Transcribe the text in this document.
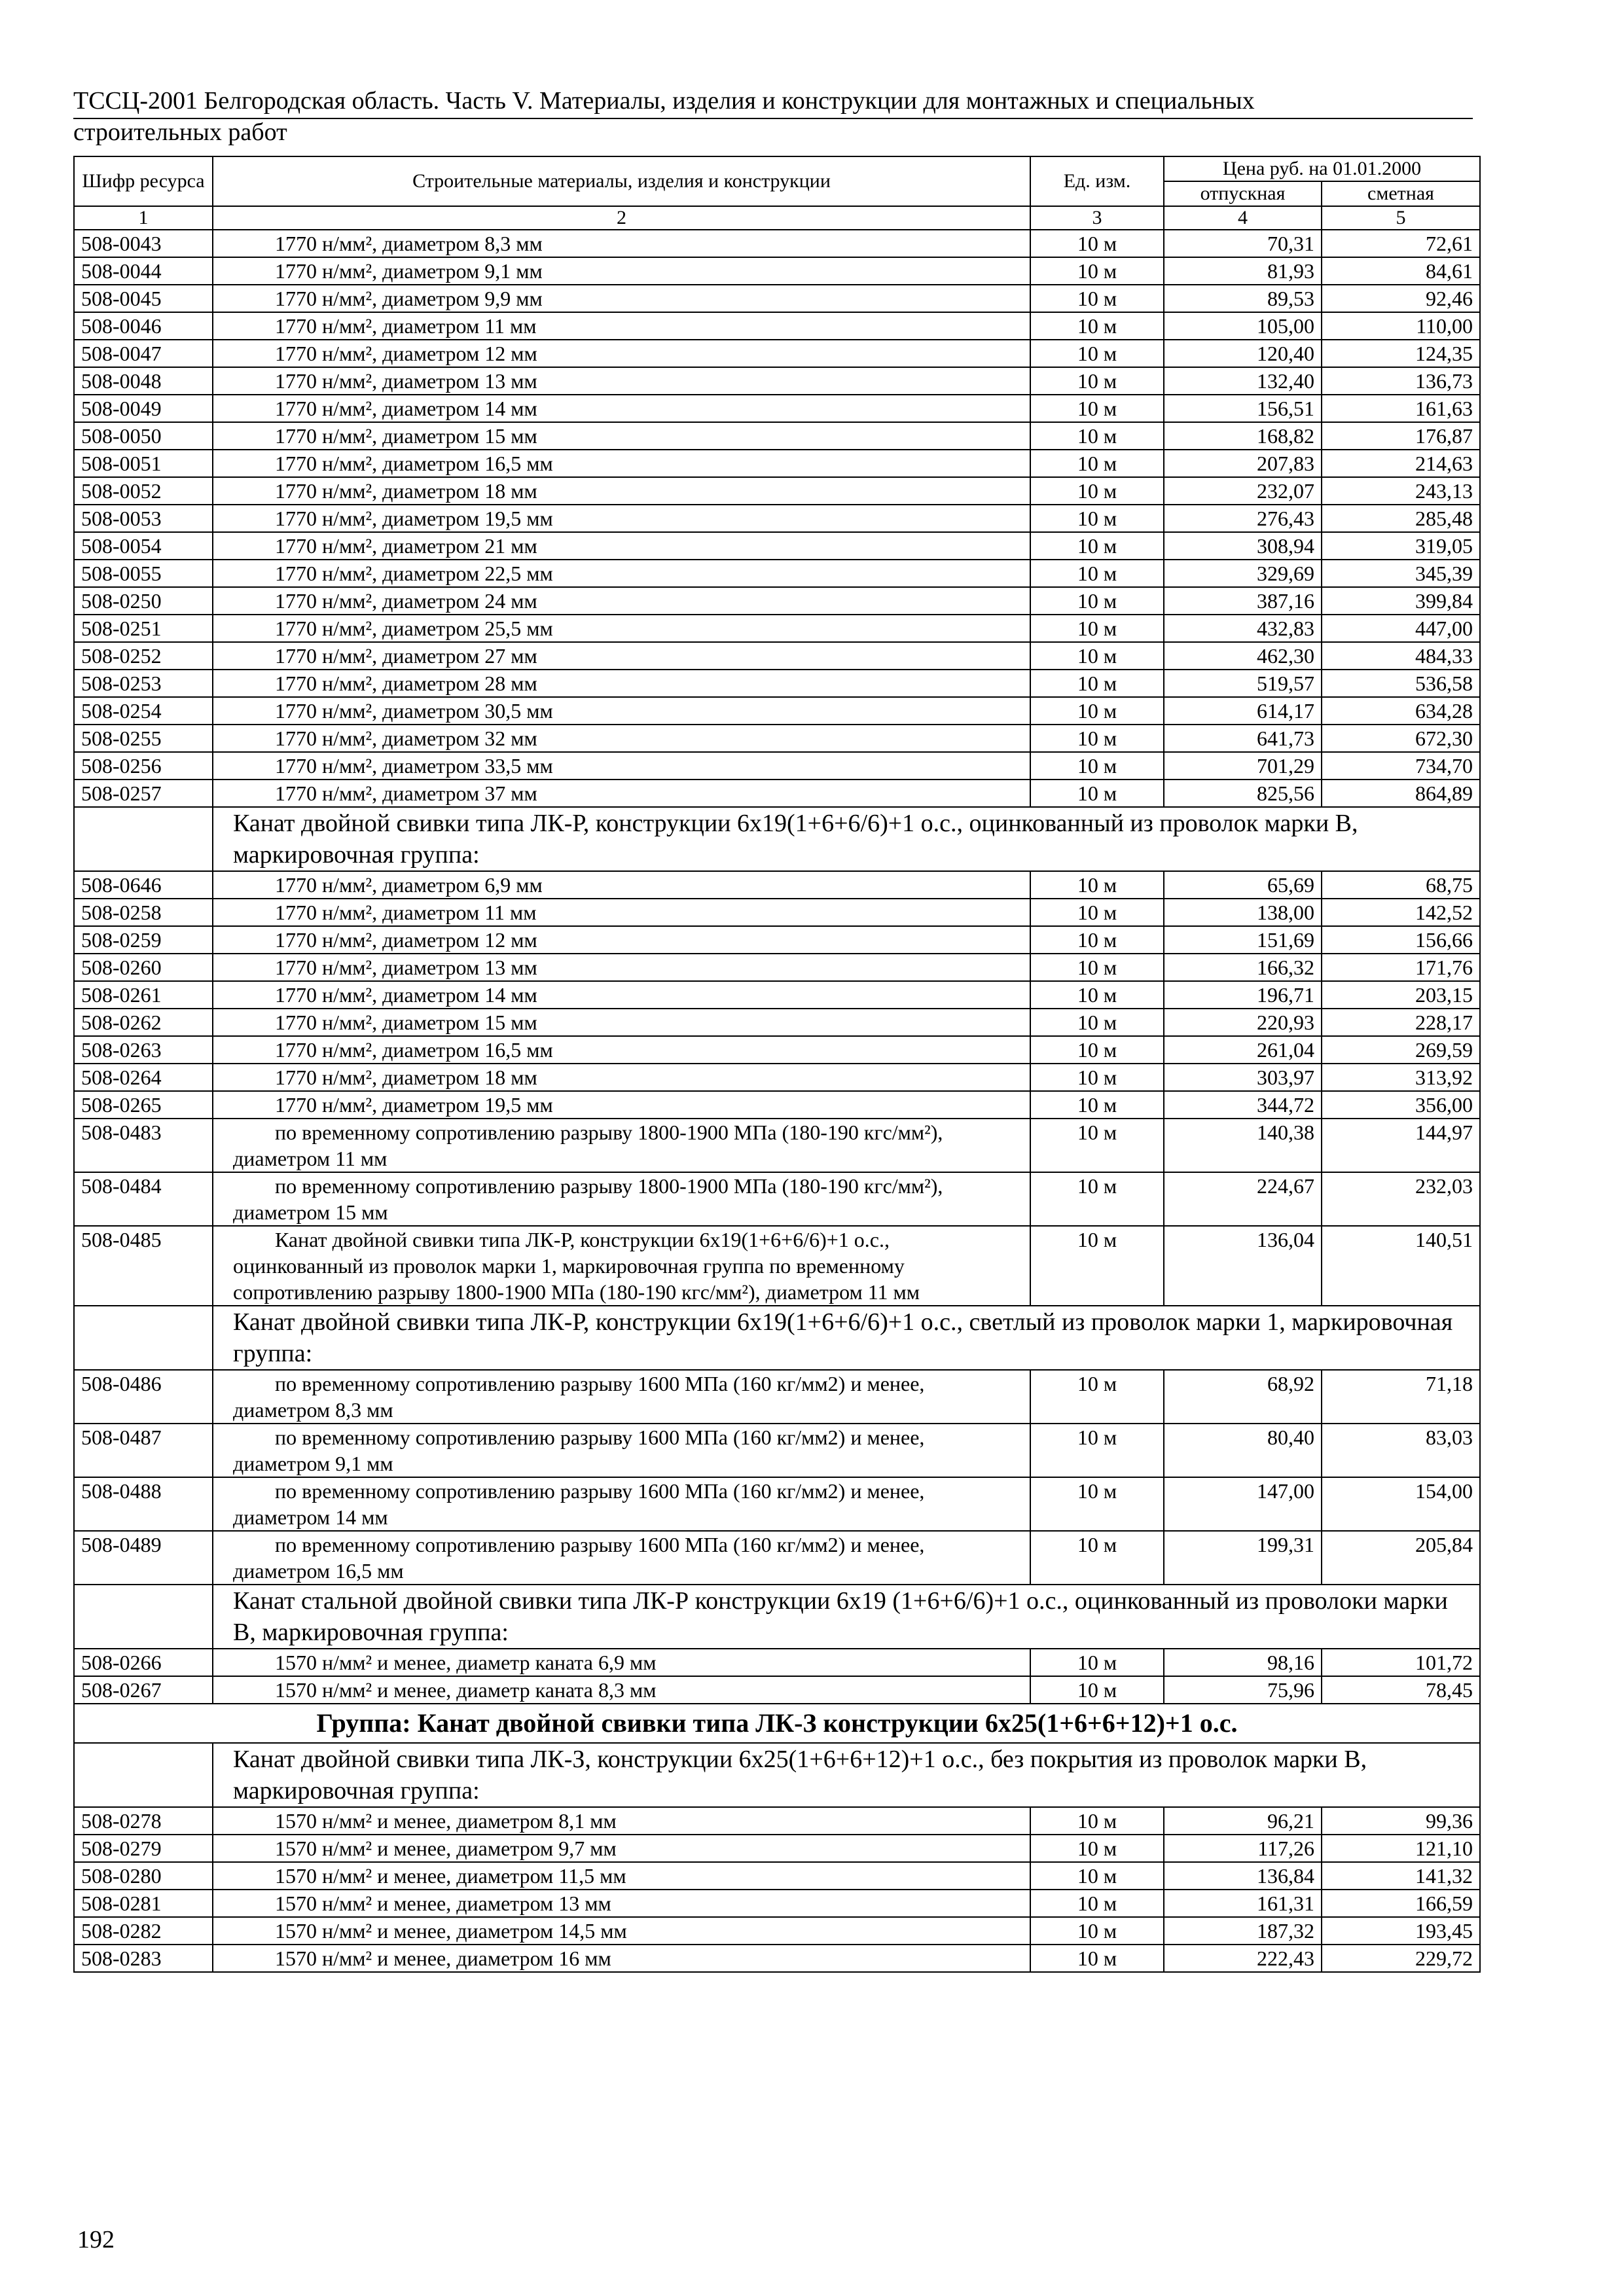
ТССЦ-2001 Белгородская область. Часть V. Материалы, изделия и конструкции для монтажных и специальных
строительных работ
Шифр ресурса	Строительные материалы, изделия и конструкции	Ед. изм.	Цена руб. на 01.01.2000	
			отпускная	сметная
1	2	3	4	5
508-0043	1770 н/мм², диаметром 8,3 мм	10 м	70,31	72,61
508-0044	1770 н/мм², диаметром 9,1 мм	10 м	81,93	84,61
508-0045	1770 н/мм², диаметром 9,9 мм	10 м	89,53	92,46
508-0046	1770 н/мм², диаметром 11 мм	10 м	105,00	110,00
508-0047	1770 н/мм², диаметром 12 мм	10 м	120,40	124,35
508-0048	1770 н/мм², диаметром 13 мм	10 м	132,40	136,73
508-0049	1770 н/мм², диаметром 14 мм	10 м	156,51	161,63
508-0050	1770 н/мм², диаметром 15 мм	10 м	168,82	176,87
508-0051	1770 н/мм², диаметром 16,5 мм	10 м	207,83	214,63
508-0052	1770 н/мм², диаметром 18 мм	10 м	232,07	243,13
508-0053	1770 н/мм², диаметром 19,5 мм	10 м	276,43	285,48
508-0054	1770 н/мм², диаметром 21 мм	10 м	308,94	319,05
508-0055	1770 н/мм², диаметром 22,5 мм	10 м	329,69	345,39
508-0250	1770 н/мм², диаметром 24 мм	10 м	387,16	399,84
508-0251	1770 н/мм², диаметром 25,5 мм	10 м	432,83	447,00
508-0252	1770 н/мм², диаметром 27 мм	10 м	462,30	484,33
508-0253	1770 н/мм², диаметром 28 мм	10 м	519,57	536,58
508-0254	1770 н/мм², диаметром 30,5 мм	10 м	614,17	634,28
508-0255	1770 н/мм², диаметром 32 мм	10 м	641,73	672,30
508-0256	1770 н/мм², диаметром 33,5 мм	10 м	701,29	734,70
508-0257	1770 н/мм², диаметром 37 мм	10 м	825,56	864,89
	Канат двойной свивки типа ЛК-Р, конструкции 6х19(1+6+6/6)+1 о.с., оцинкованный из проволок марки В, маркировочная группа:			
508-0646	1770 н/мм², диаметром 6,9 мм	10 м	65,69	68,75
508-0258	1770 н/мм², диаметром 11 мм	10 м	138,00	142,52
508-0259	1770 н/мм², диаметром 12 мм	10 м	151,69	156,66
508-0260	1770 н/мм², диаметром 13 мм	10 м	166,32	171,76
508-0261	1770 н/мм², диаметром 14 мм	10 м	196,71	203,15
508-0262	1770 н/мм², диаметром 15 мм	10 м	220,93	228,17
508-0263	1770 н/мм², диаметром 16,5 мм	10 м	261,04	269,59
508-0264	1770 н/мм², диаметром 18 мм	10 м	303,97	313,92
508-0265	1770 н/мм², диаметром 19,5 мм	10 м	344,72	356,00
508-0483	по временному сопротивлению разрыву 1800-1900 МПа (180-190 кгс/мм²), диаметром 11 мм	10 м	140,38	144,97
508-0484	по временному сопротивлению разрыву 1800-1900 МПа (180-190 кгс/мм²), диаметром 15 мм	10 м	224,67	232,03
508-0485	Канат двойной свивки типа ЛК-Р, конструкции 6х19(1+6+6/6)+1 о.с., оцинкованный из проволок марки 1, маркировочная группа по временному сопротивлению разрыву 1800-1900 МПа (180-190 кгс/мм²), диаметром 11 мм	10 м	136,04	140,51
	Канат двойной свивки типа ЛК-Р, конструкции 6х19(1+6+6/6)+1 о.с., светлый из проволок марки 1, маркировочная группа:			
508-0486	по временному сопротивлению разрыву 1600 МПа (160 кг/мм2) и менее, диаметром 8,3 мм	10 м	68,92	71,18
508-0487	по временному сопротивлению разрыву 1600 МПа (160 кг/мм2) и менее, диаметром 9,1 мм	10 м	80,40	83,03
508-0488	по временному сопротивлению разрыву 1600 МПа (160 кг/мм2) и менее, диаметром 14 мм	10 м	147,00	154,00
508-0489	по временному сопротивлению разрыву 1600 МПа (160 кг/мм2) и менее, диаметром 16,5 мм	10 м	199,31	205,84
	Канат стальной двойной свивки типа ЛК-Р конструкции 6х19 (1+6+6/6)+1 о.с., оцинкованный из проволоки марки В, маркировочная группа:			
508-0266	1570 н/мм² и менее, диаметр каната 6,9 мм	10 м	98,16	101,72
508-0267	1570 н/мм² и менее, диаметр каната 8,3 мм	10 м	75,96	78,45
Группа: Канат двойной свивки типа ЛК-З конструкции 6х25(1+6+6+12)+1 о.с.				
	Канат двойной свивки типа ЛК-З, конструкции 6х25(1+6+6+12)+1 о.с., без покрытия из проволок марки В, маркировочная группа:			
508-0278	1570 н/мм² и менее, диаметром 8,1 мм	10 м	96,21	99,36
508-0279	1570 н/мм² и менее, диаметром 9,7 мм	10 м	117,26	121,10
508-0280	1570 н/мм² и менее, диаметром 11,5 мм	10 м	136,84	141,32
508-0281	1570 н/мм² и менее, диаметром 13 мм	10 м	161,31	166,59
508-0282	1570 н/мм² и менее, диаметром 14,5 мм	10 м	187,32	193,45
508-0283	1570 н/мм² и менее, диаметром 16 мм	10 м	222,43	229,72
192
